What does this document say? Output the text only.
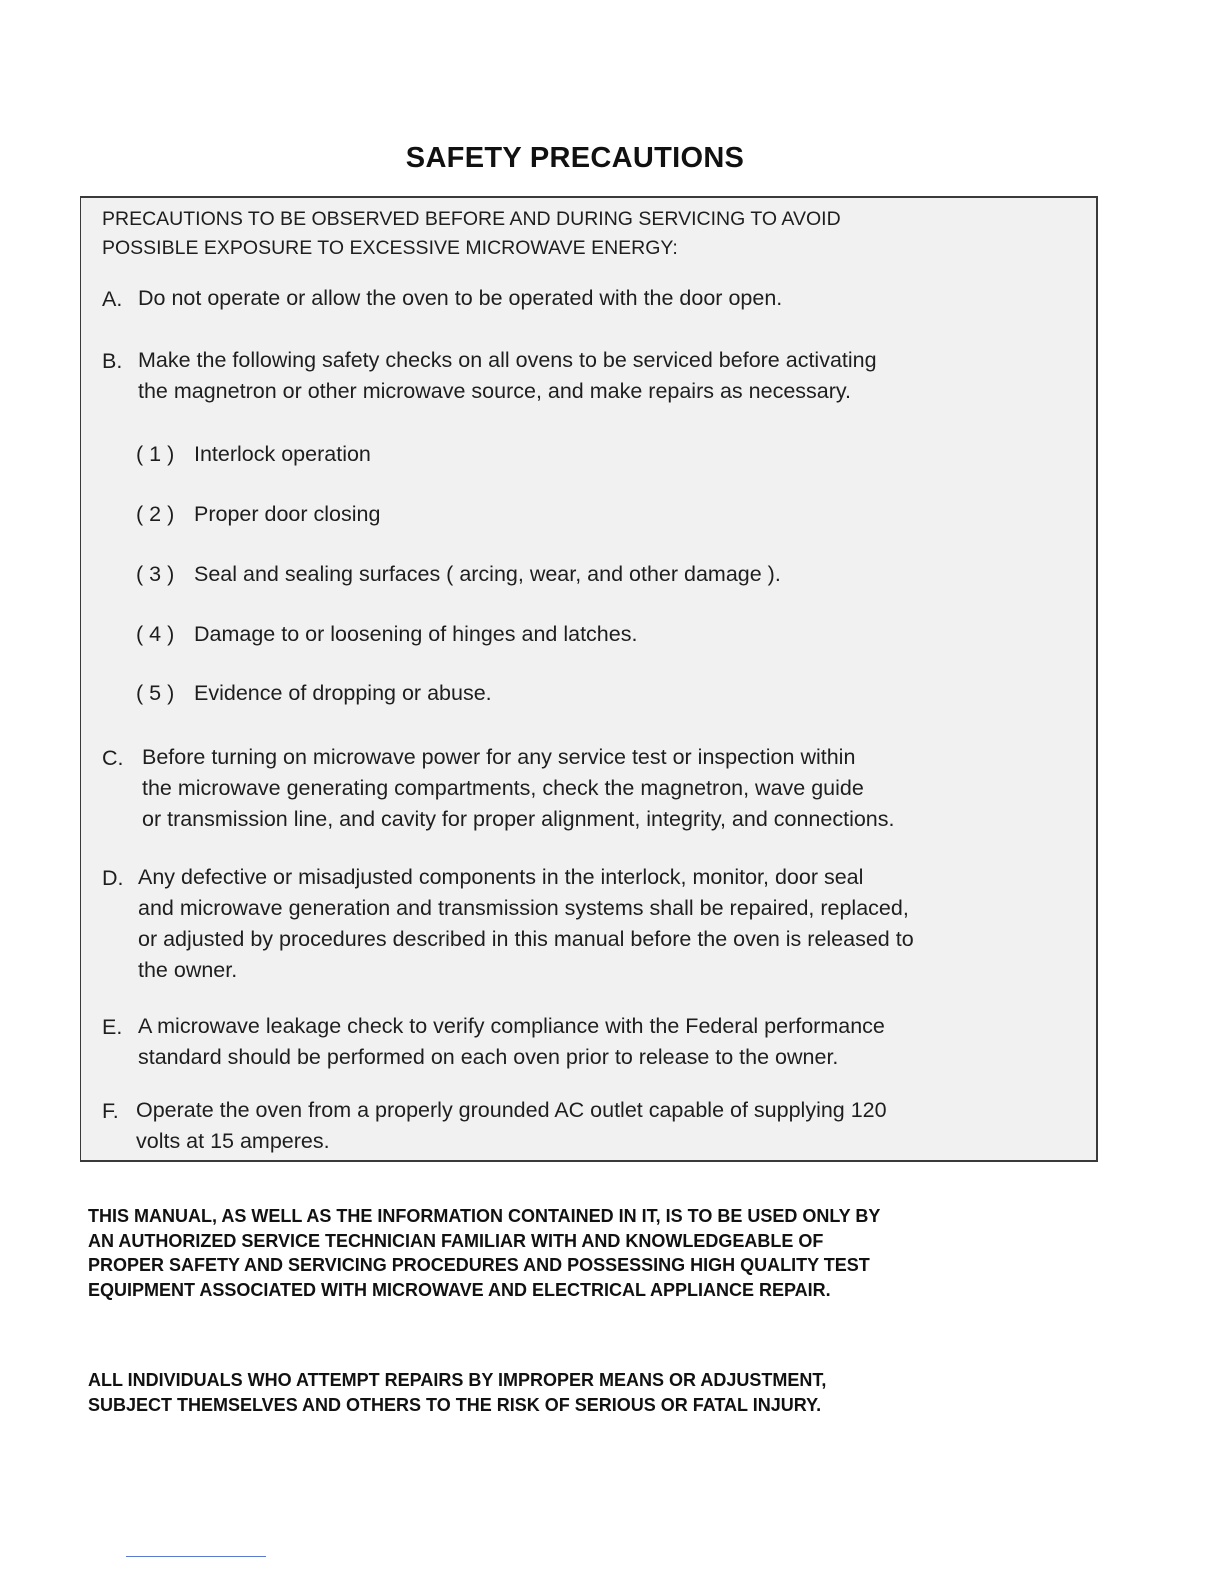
SAFETY PRECAUTIONS
PRECAUTIONS TO BE OBSERVED BEFORE AND DURING SERVICING TO AVOID
POSSIBLE EXPOSURE TO EXCESSIVE MICROWAVE ENERGY:
A. Do not operate or allow the oven to be operated with the door open.
B. Make the following safety checks on all ovens to be serviced before activating
the magnetron or other microwave source, and make repairs as necessary.
( 1 ) Interlock operation
( 2 ) Proper door closing
( 3 ) Seal and sealing surfaces ( arcing, wear, and other damage ).
( 4 ) Damage to or loosening of hinges and latches.
( 5 ) Evidence of dropping or abuse.
C. Before turning on microwave power for any service test or inspection within
the microwave generating compartments, check the magnetron, wave guide
or transmission line, and cavity for proper alignment, integrity, and connections.
D. Any defective or misadjusted components in the interlock, monitor, door seal
and microwave generation and transmission systems shall be repaired, replaced,
or adjusted by procedures described in this manual before the oven is released to
the owner.
E. A microwave leakage check to verify compliance with the Federal performance
standard should be performed on each oven prior to release to the owner.
F. Operate the oven from a properly grounded AC outlet capable of supplying 120
volts at 15 amperes.
THIS MANUAL, AS WELL AS THE INFORMATION CONTAINED IN IT, IS TO BE USED ONLY BY
AN AUTHORIZED SERVICE TECHNICIAN FAMILIAR WITH AND KNOWLEDGEABLE OF
PROPER SAFETY AND SERVICING PROCEDURES AND POSSESSING HIGH QUALITY TEST
EQUIPMENT ASSOCIATED WITH MICROWAVE AND ELECTRICAL APPLIANCE REPAIR.
ALL INDIVIDUALS WHO ATTEMPT REPAIRS BY IMPROPER MEANS OR ADJUSTMENT,
SUBJECT THEMSELVES AND OTHERS TO THE RISK OF SERIOUS OR FATAL INJURY.
